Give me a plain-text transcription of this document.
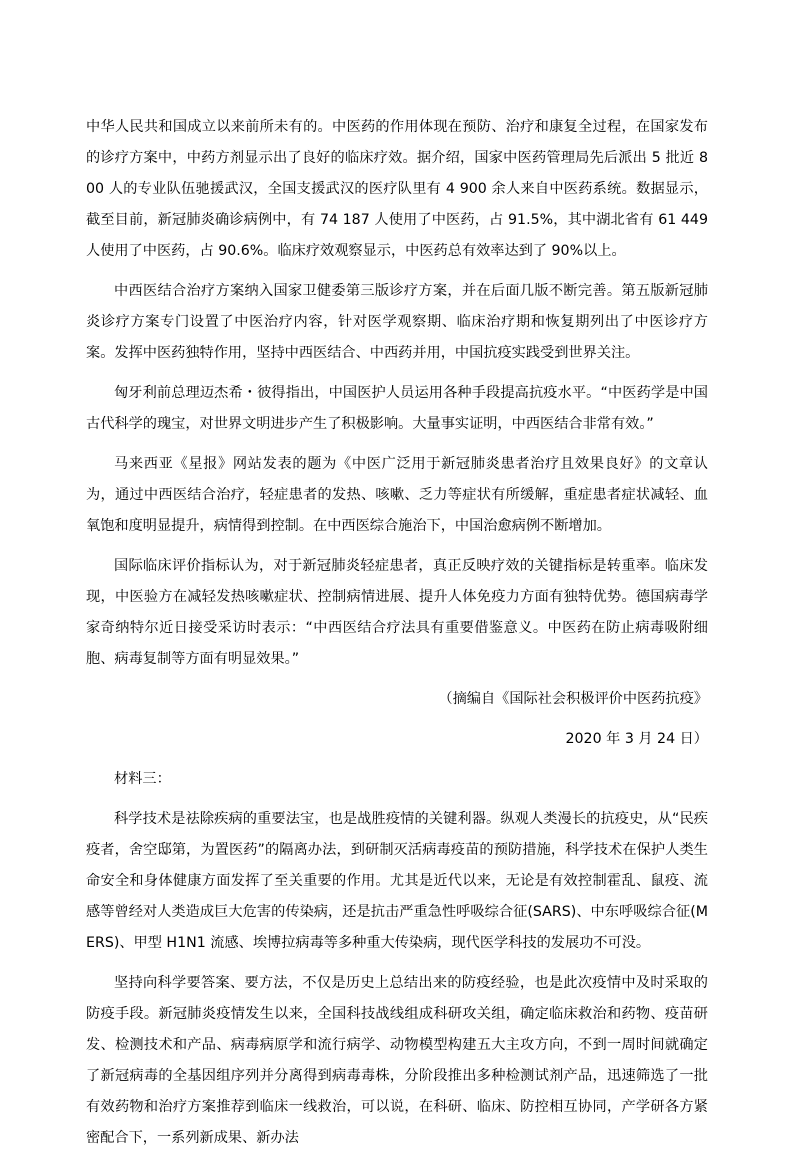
中华人民共和国成立以来前所未有的。中医药的作用体现在预防、治疗和康复全过程，在国家发布的诊疗方案中，中药方剂显示出了良好的临床疗效。据介绍，国家中医药管理局先后派出 5 批近 800 人的专业队伍驰援武汉，全国支援武汉的医疗队里有 4 900 余人来自中医药系统。数据显示，截至目前，新冠肺炎确诊病例中，有 74 187 人使用了中医药，占 91.5%，其中湖北省有 61 449 人使用了中医药，占 90.6%。临床疗效观察显示，中医药总有效率达到了 90%以上。

中西医结合治疗方案纳入国家卫健委第三版诊疗方案，并在后面几版不断完善。第五版新冠肺炎诊疗方案专门设置了中医治疗内容，针对医学观察期、临床治疗期和恢复期列出了中医诊疗方案。发挥中医药独特作用，坚持中西医结合、中西药并用，中国抗疫实践受到世界关注。

匈牙利前总理迈杰希・彼得指出，中国医护人员运用各种手段提高抗疫水平。“中医药学是中国古代科学的瑰宝，对世界文明进步产生了积极影响。大量事实证明，中西医结合非常有效。”

马来西亚《星报》网站发表的题为《中医广泛用于新冠肺炎患者治疗且效果良好》的文章认为，通过中西医结合治疗，轻症患者的发热、咳嗽、乏力等症状有所缓解，重症患者症状减轻、血氧饱和度明显提升，病情得到控制。在中西医综合施治下，中国治愈病例不断增加。

国际临床评价指标认为，对于新冠肺炎轻症患者，真正反映疗效的关键指标是转重率。临床发现，中医验方在减轻发热咳嗽症状、控制病情进展、提升人体免疫力方面有独特优势。德国病毒学家奇纳特尔近日接受采访时表示：“中西医结合疗法具有重要借鉴意义。中医药在防止病毒吸附细胞、病毒复制等方面有明显效果。”

（摘编自《国际社会积极评价中医药抗疫》

2020 年 3 月 24 日）

材料三：

科学技术是祛除疾病的重要法宝，也是战胜疫情的关键利器。纵观人类漫长的抗疫史，从“民疾疫者，舍空邸第，为置医药”的隔离办法，到研制灭活病毒疫苗的预防措施，科学技术在保护人类生命安全和身体健康方面发挥了至关重要的作用。尤其是近代以来，无论是有效控制霍乱、鼠疫、流感等曾经对人类造成巨大危害的传染病，还是抗击严重急性呼吸综合征(SARS)、中东呼吸综合征(MERS)、甲型 H1N1 流感、埃博拉病毒等多种重大传染病，现代医学科技的发展功不可没。

坚持向科学要答案、要方法，不仅是历史上总结出来的防疫经验，也是此次疫情中及时采取的防疫手段。新冠肺炎疫情发生以来，全国科技战线组成科研攻关组，确定临床救治和药物、疫苗研发、检测技术和产品、病毒病原学和流行病学、动物模型构建五大主攻方向，不到一周时间就确定了新冠病毒的全基因组序列并分离得到病毒毒株，分阶段推出多种检测试剂产品，迅速筛选了一批有效药物和治疗方案推荐到临床一线救治，可以说，在科研、临床、防控相互协同，产学研各方紧密配合下，一系列新成果、新办法
